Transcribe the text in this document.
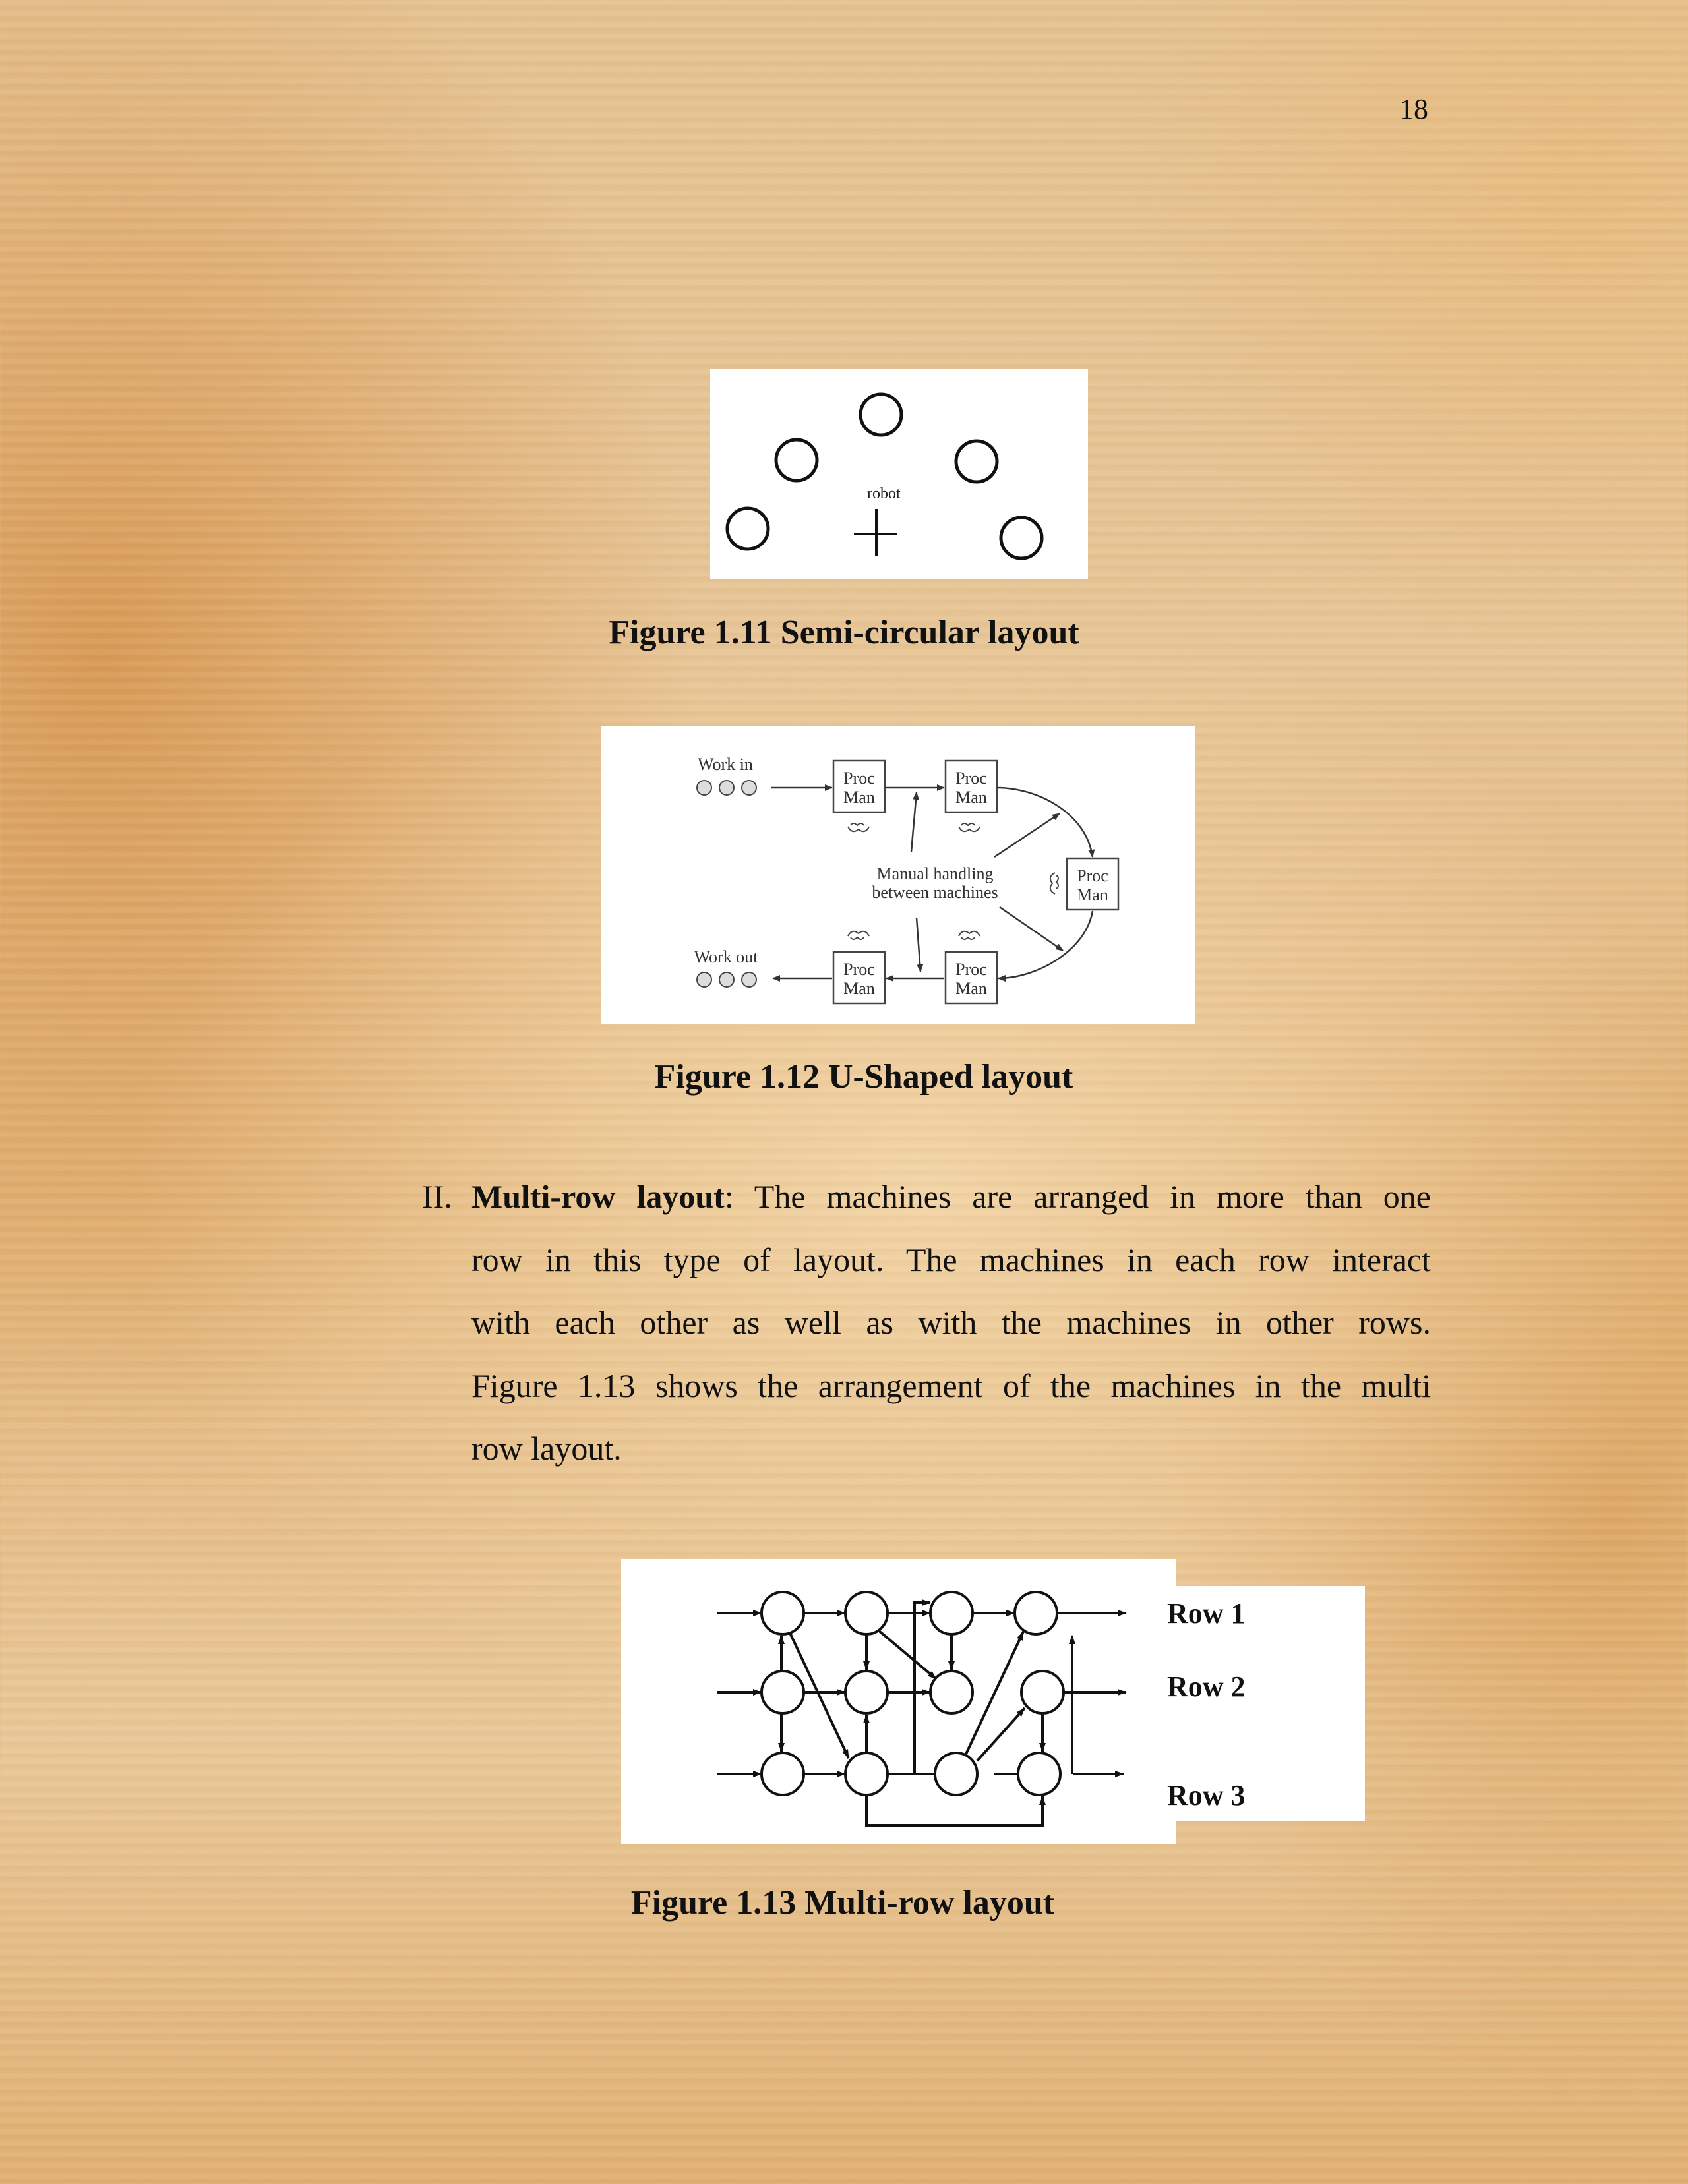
18
robot
Figure 1.11 Semi-circular layout
Work in
Work out
Manual handling
between machines
Proc
Man
Proc
Man
Proc
Man
Proc
Man
Proc
Man
Figure 1.12 U-Shaped layout
II. Multi-row layout: The machines are arranged in more than one
row in this type of layout. The machines in each row interact
with each other as well as with the machines in other rows.
Figure 1.13 shows the arrangement of the machines in the multi
row layout.
Row 1
Row 2
Row 3
Figure 1.13 Multi-row layout
